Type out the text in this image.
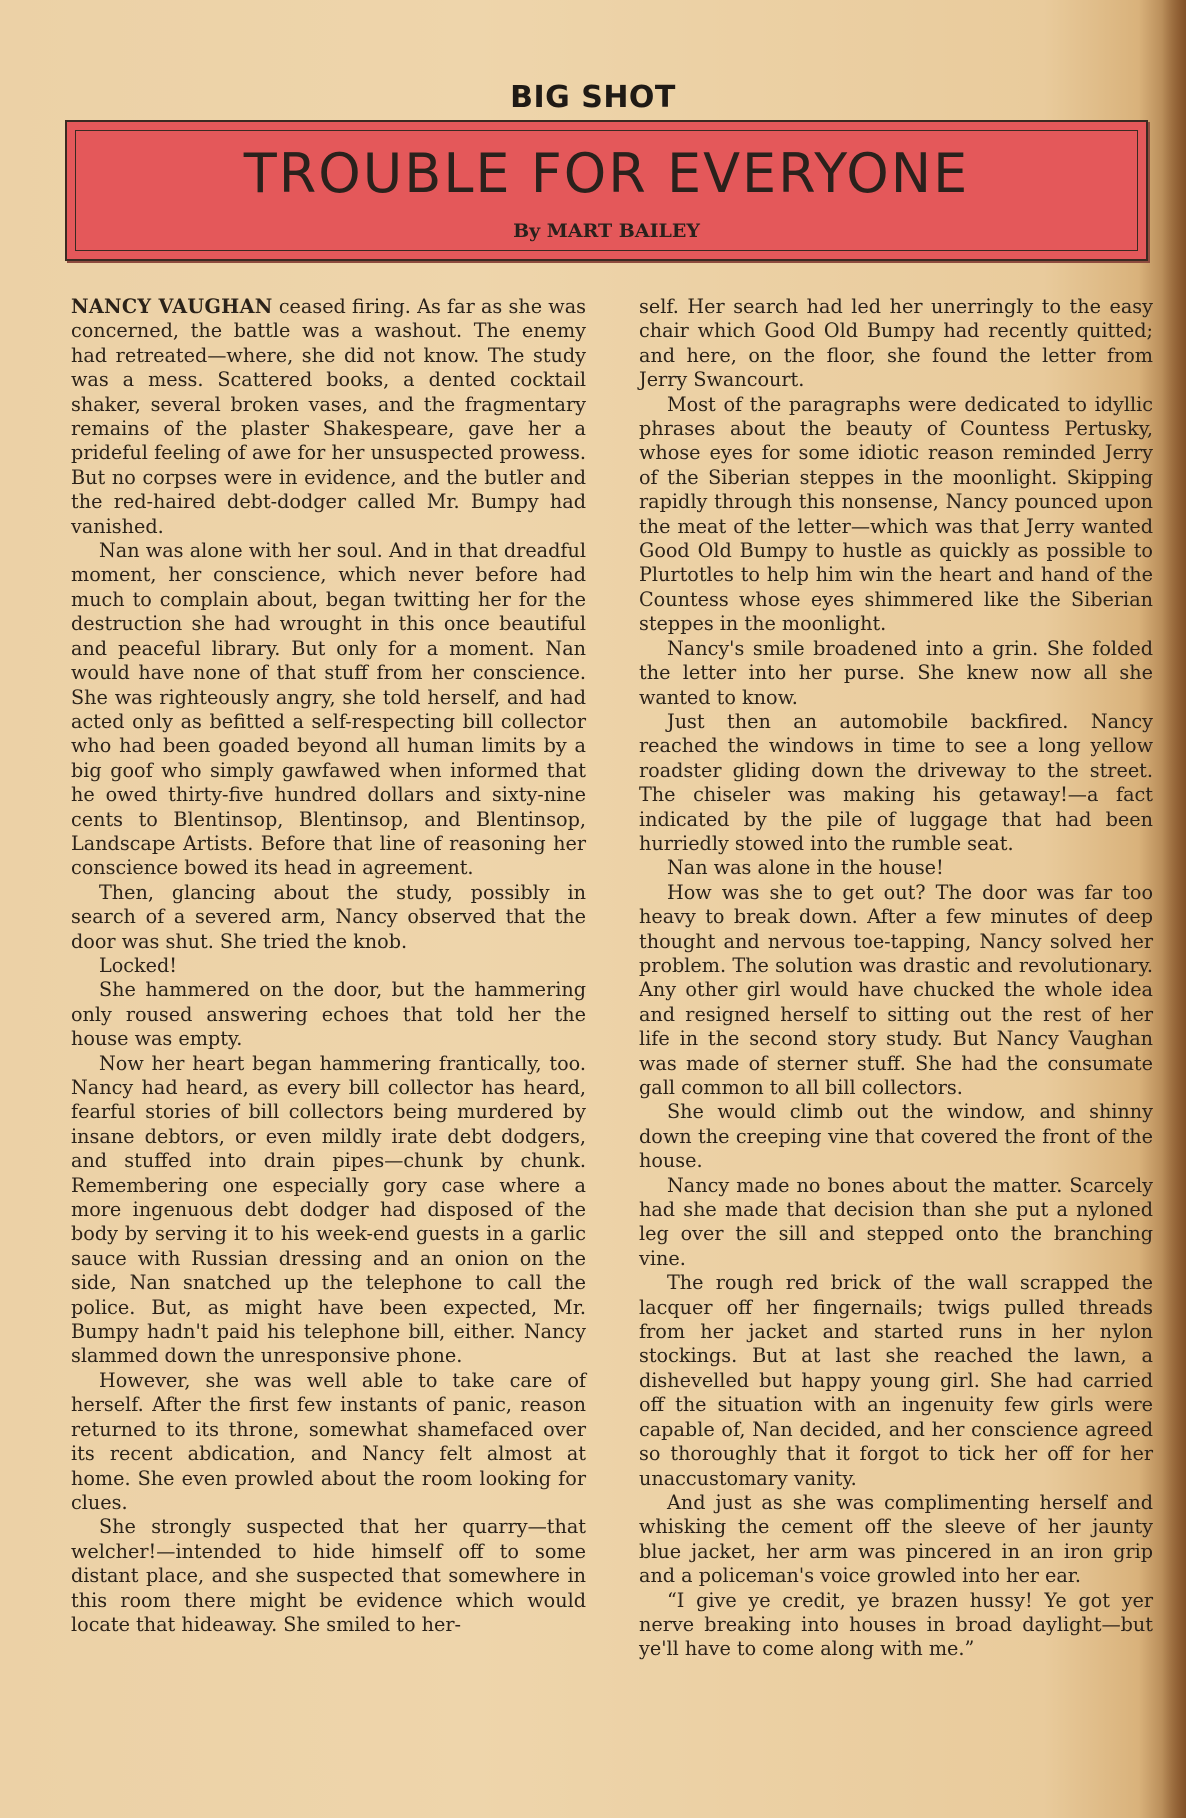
BIG SHOT
TROUBLE FOR EVERYONE
By MART BAILEY

NANCY VAUGHAN ceased firing. As far as she was concerned, the battle was a washout. The enemy had retreated—where, she did not know. The study was a mess. Scattered books, a dented cocktail shaker, several broken vases, and the fragmentary remains of the plaster Shakespeare, gave her a prideful feeling of awe for her unsuspected prowess. But no corpses were in evidence, and the butler and the red-haired debt-dodger called Mr. Bumpy had vanished.

Nan was alone with her soul. And in that dreadful moment, her conscience, which never before had much to complain about, began twitting her for the destruction she had wrought in this once beautiful and peaceful library. But only for a moment. Nan would have none of that stuff from her conscience. She was righteously angry, she told herself, and had acted only as befitted a self-respecting bill collector who had been goaded beyond all human limits by a big goof who simply gawfawed when informed that he owed thirty-five hundred dollars and sixty-nine cents to Blentinsop, Blentinsop, and Blentinsop, Landscape Artists. Before that line of reasoning her conscience bowed its head in agreement.

Then, glancing about the study, possibly in search of a severed arm, Nancy observed that the door was shut. She tried the knob.

Locked!

She hammered on the door, but the hammering only roused answering echoes that told her the house was empty.

Now her heart began hammering frantically, too. Nancy had heard, as every bill collector has heard, fearful stories of bill collectors being murdered by insane debtors, or even mildly irate debt dodgers, and stuffed into drain pipes—chunk by chunk. Remembering one especially gory case where a more ingenuous debt dodger had disposed of the body by serving it to his week-end guests in a garlic sauce with Russian dressing and an onion on the side, Nan snatched up the telephone to call the police. But, as might have been expected, Mr. Bumpy hadn't paid his telephone bill, either. Nancy slammed down the unresponsive phone.

However, she was well able to take care of herself. After the first few instants of panic, reason returned to its throne, somewhat shamefaced over its recent abdication, and Nancy felt almost at home. She even prowled about the room looking for clues.

She strongly suspected that her quarry—that welcher!—intended to hide himself off to some distant place, and she suspected that somewhere in this room there might be evidence which would locate that hideaway. She smiled to her-

self. Her search had led her unerringly to the easy chair which Good Old Bumpy had recently quitted; and here, on the floor, she found the letter from Jerry Swancourt.

Most of the paragraphs were dedicated to idyllic phrases about the beauty of Countess Pertusky, whose eyes for some idiotic reason reminded Jerry of the Siberian steppes in the moonlight. Skipping rapidly through this nonsense, Nancy pounced upon the meat of the letter—which was that Jerry wanted Good Old Bumpy to hustle as quickly as possible to Plurtotles to help him win the heart and hand of the Countess whose eyes shimmered like the Siberian steppes in the moonlight.

Nancy's smile broadened into a grin. She folded the letter into her purse. She knew now all she wanted to know.

Just then an automobile backfired. Nancy reached the windows in time to see a long yellow roadster gliding down the driveway to the street. The chiseler was making his getaway!—a fact indicated by the pile of luggage that had been hurriedly stowed into the rumble seat.

Nan was alone in the house!

How was she to get out? The door was far too heavy to break down. After a few minutes of deep thought and nervous toe-tapping, Nancy solved her problem. The solution was drastic and revolutionary. Any other girl would have chucked the whole idea and resigned herself to sitting out the rest of her life in the second story study. But Nancy Vaughan was made of sterner stuff. She had the consumate gall common to all bill collectors.

She would climb out the window, and shinny down the creeping vine that covered the front of the house.

Nancy made no bones about the matter. Scarcely had she made that decision than she put a nyloned leg over the sill and stepped onto the branching vine.

The rough red brick of the wall scrapped the lacquer off her fingernails; twigs pulled threads from her jacket and started runs in her nylon stockings. But at last she reached the lawn, a dishevelled but happy young girl. She had carried off the situation with an ingenuity few girls were capable of, Nan decided, and her conscience agreed so thoroughly that it forgot to tick her off for her unaccustomary vanity.

And just as she was complimenting herself and whisking the cement off the sleeve of her jaunty blue jacket, her arm was pincered in an iron grip and a policeman's voice growled into her ear.

“I give ye credit, ye brazen hussy! Ye got yer nerve breaking into houses in broad daylight—but ye'll have to come along with me.”
